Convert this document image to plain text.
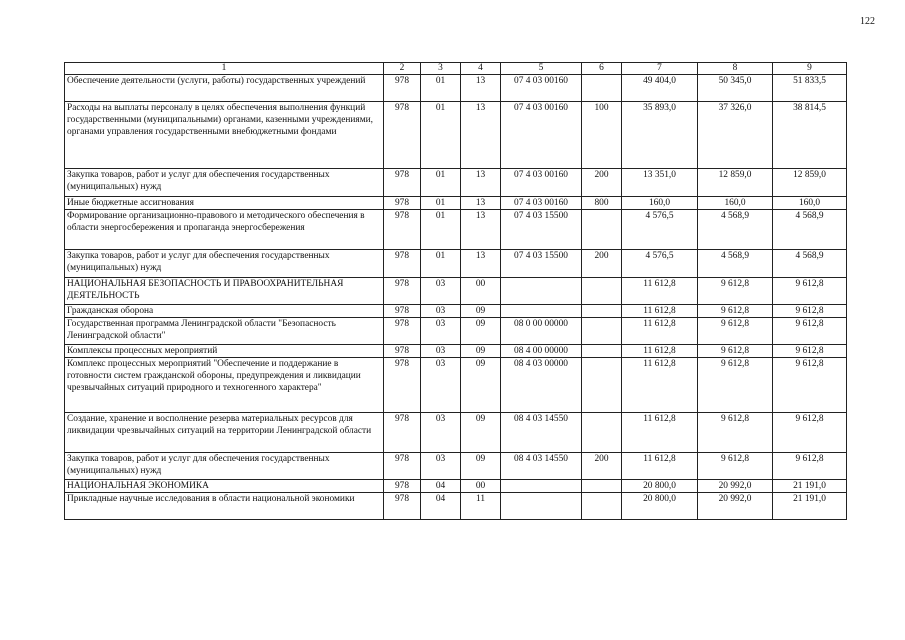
122
1	2	3	4	5	6	7	8	9
Обеспечение деятельности (услуги, работы) государственных учреждений	978	01	13	07 4 03 00160		49 404,0	50 345,0	51 833,5
Расходы на выплаты персоналу в целях обеспечения выполнения функций государственными (муниципальными) органами, казенными учреждениями, органами управления государственными внебюджетными фондами	978	01	13	07 4 03 00160	100	35 893,0	37 326,0	38 814,5
Закупка товаров, работ и услуг для обеспечения государственных (муниципальных) нужд	978	01	13	07 4 03 00160	200	13 351,0	12 859,0	12 859,0
Иные бюджетные ассигнования	978	01	13	07 4 03 00160	800	160,0	160,0	160,0
Формирование организационно-правового и методического обеспечения в области энергосбережения и пропаганда энергосбережения	978	01	13	07 4 03 15500		4 576,5	4 568,9	4 568,9
Закупка товаров, работ и услуг для обеспечения государственных (муниципальных) нужд	978	01	13	07 4 03 15500	200	4 576,5	4 568,9	4 568,9
НАЦИОНАЛЬНАЯ БЕЗОПАСНОСТЬ И ПРАВООХРАНИТЕЛЬНАЯ ДЕЯТЕЛЬНОСТЬ	978	03	00			11 612,8	9 612,8	9 612,8
Гражданская оборона	978	03	09			11 612,8	9 612,8	9 612,8
Государственная программа Ленинградской области "Безопасность Ленинградской области"	978	03	09	08 0 00 00000		11 612,8	9 612,8	9 612,8
Комплексы процессных мероприятий	978	03	09	08 4 00 00000		11 612,8	9 612,8	9 612,8
Комплекс процессных мероприятий "Обеспечение и поддержание в готовности систем гражданской обороны, предупреждения и ликвидации чрезвычайных ситуаций природного и техногенного характера"	978	03	09	08 4 03 00000		11 612,8	9 612,8	9 612,8
Создание, хранение и восполнение резерва материальных ресурсов для ликвидации чрезвычайных ситуаций на территории Ленинградской области	978	03	09	08 4 03 14550		11 612,8	9 612,8	9 612,8
Закупка товаров, работ и услуг для обеспечения государственных (муниципальных) нужд	978	03	09	08 4 03 14550	200	11 612,8	9 612,8	9 612,8
НАЦИОНАЛЬНАЯ ЭКОНОМИКА	978	04	00			20 800,0	20 992,0	21 191,0
Прикладные научные исследования в области национальной экономики	978	04	11			20 800,0	20 992,0	21 191,0
